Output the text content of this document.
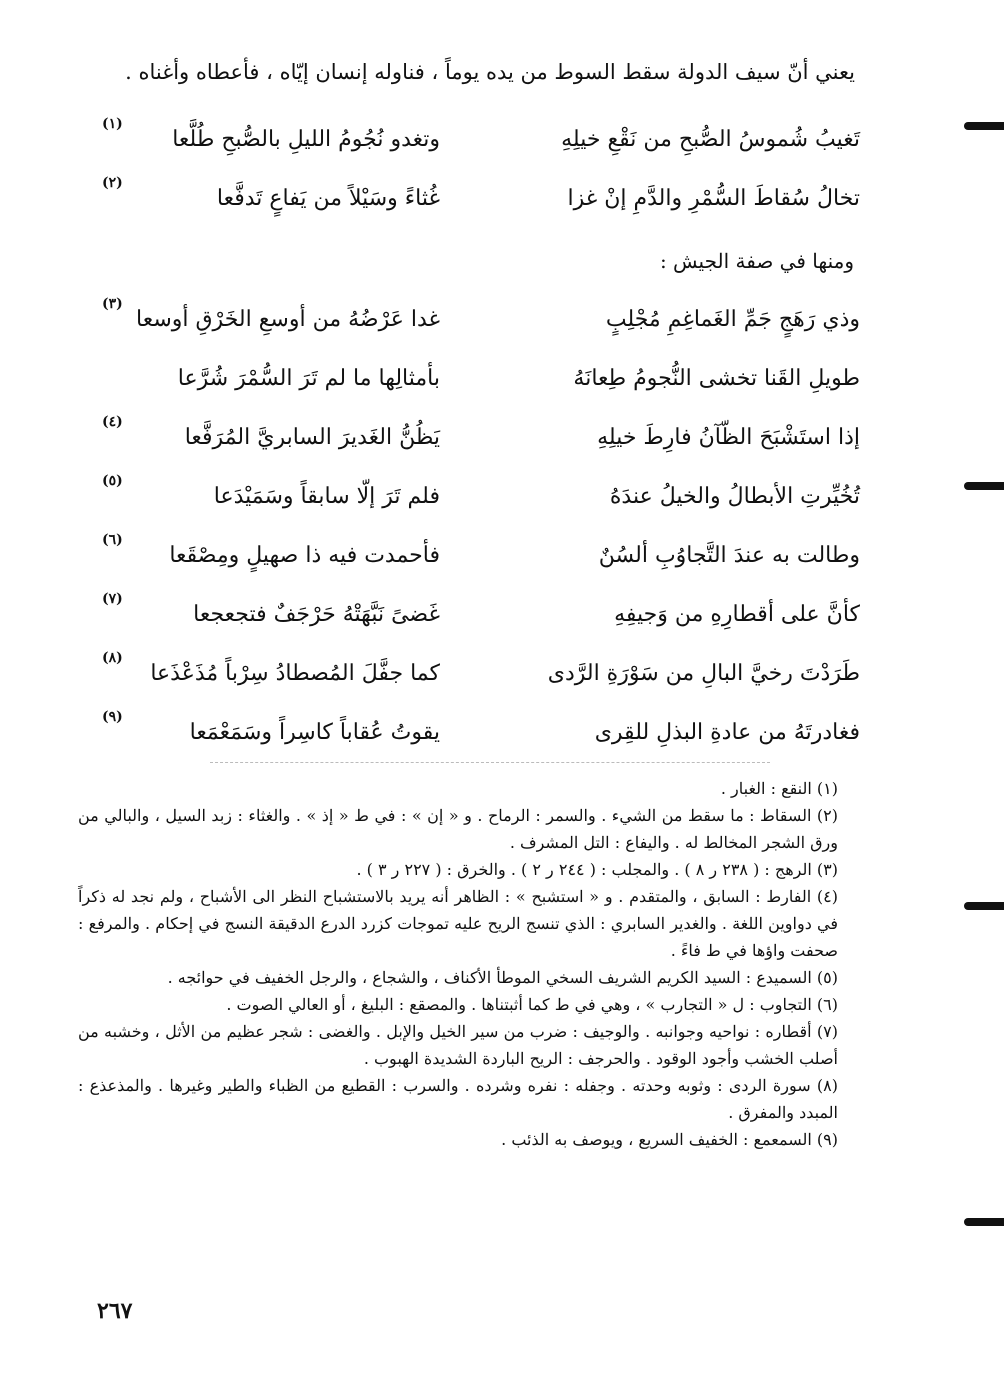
يعني أنّ سيف الدولة سقط السوط من يده يوماً ، فناوله إنسان إيّاه ، فأعطاه وأغناه .
تَغيبُ شُموسُ الصُّبحِ من نَقْعِ خيلِهِ
وتغدو نُجُومُ الليلِ بالصُّبحِ طُلَّعا
(١)
تخالُ سُقاطَ السُّمْرِ والدَّمِ إنْ غزا
غُثاءً وسَيْلاً من يَفاعٍ تَدفَّعا
(٢)
ومنها في صفة الجيش :
وذي رَهَجٍ جَمِّ الغَماغِمِ مُجْلِبٍ
غدا عَرْضُهُ من أوسعِ الخَرْقِ أوسعا
(٣)
طويلِ القَنا تخشى النُّجومُ طِعانَهُ
بأمثالِها ما لم تَرَ السُّمْرَ شُرَّعا
إذا استَشْبَحَ الظّآنُ فارِطَ خيلِهِ
يَظُنُّ الغَديرَ السابريَّ المُرَفَّعا
(٤)
تُخُيِّرتِ الأبطالُ والخيلُ عندَهُ
فلم تَرَ إلّا سابقاً وسَمَيْدَعا
(٥)
وطالت به عندَ التَّجاوُبِ ألسُنٌ
فأحمدت فيه ذا صهيلٍ ومِصْقَعا
(٦)
كأنَّ على أقطارِهِ من وَجيفِهِ
غَضىً نَبَّهَتْهُ حَرْجَفٌ فتجعجعا
(٧)
طَرَدْتَ رخيَّ البالِ من سَوْرَةِ الرَّدى
كما جفَّلَ المُصطادُ سِرْباً مُذَعْذَعا
(٨)
فغادرتَهُ من عادةِ البذلِ للقِرى
يقوتُ عُقاباً كاسِراً وسَمَعْمَعا
(٩)

(١) النقع : الغبار .

(٢) السقاط : ما سقط من الشيء . والسمر : الرماح . و « إن » : في ط « إذ » . والغثاء : زبد السيل ، والبالي من ورق الشجر المخالط له . واليفاع : التل المشرف .

(٣) الرهج : ( ٢٣٨ ر ٨ ) . والمجلب : ( ٢٤٤ ر ٢ ) . والخرق : ( ٢٢٧ ر ٣ ) .

(٤) الفارط : السابق ، والمتقدم . و « استشبح » : الظاهر أنه يريد بالاستشباح النظر الى الأشباح ، ولم نجد له ذكراً في دواوين اللغة . والغدير السابري : الذي تنسج الريح عليه تموجات كزرد الدرع الدقيقة النسج في إحكام . والمرفع : صحفت واؤها في ط فاءً .

(٥) السميدع : السيد الكريم الشريف السخي الموطأ الأكناف ، والشجاع ، والرجل الخفيف في حوائجه .

(٦) التجاوب : ل « التجارب » ، وهي في ط كما أثبتناها . والمصقع : البليغ ، أو العالي الصوت .

(٧) أقطاره : نواحيه وجوانبه . والوجيف : ضرب من سير الخيل والإبل . والغضى : شجر عظيم من الأثل ، وخشبه من أصلب الخشب وأجود الوقود . والحرجف : الريح الباردة الشديدة الهبوب .

(٨) سورة الردى : وثوبه وحدته . وجفله : نفره وشرده . والسرب : القطيع من الظباء والطير وغيرها . والمذعذع : المبدد والمفرق .

(٩) السمعمع : الخفيف السريع ، ويوصف به الذئب .

٢٦٧
